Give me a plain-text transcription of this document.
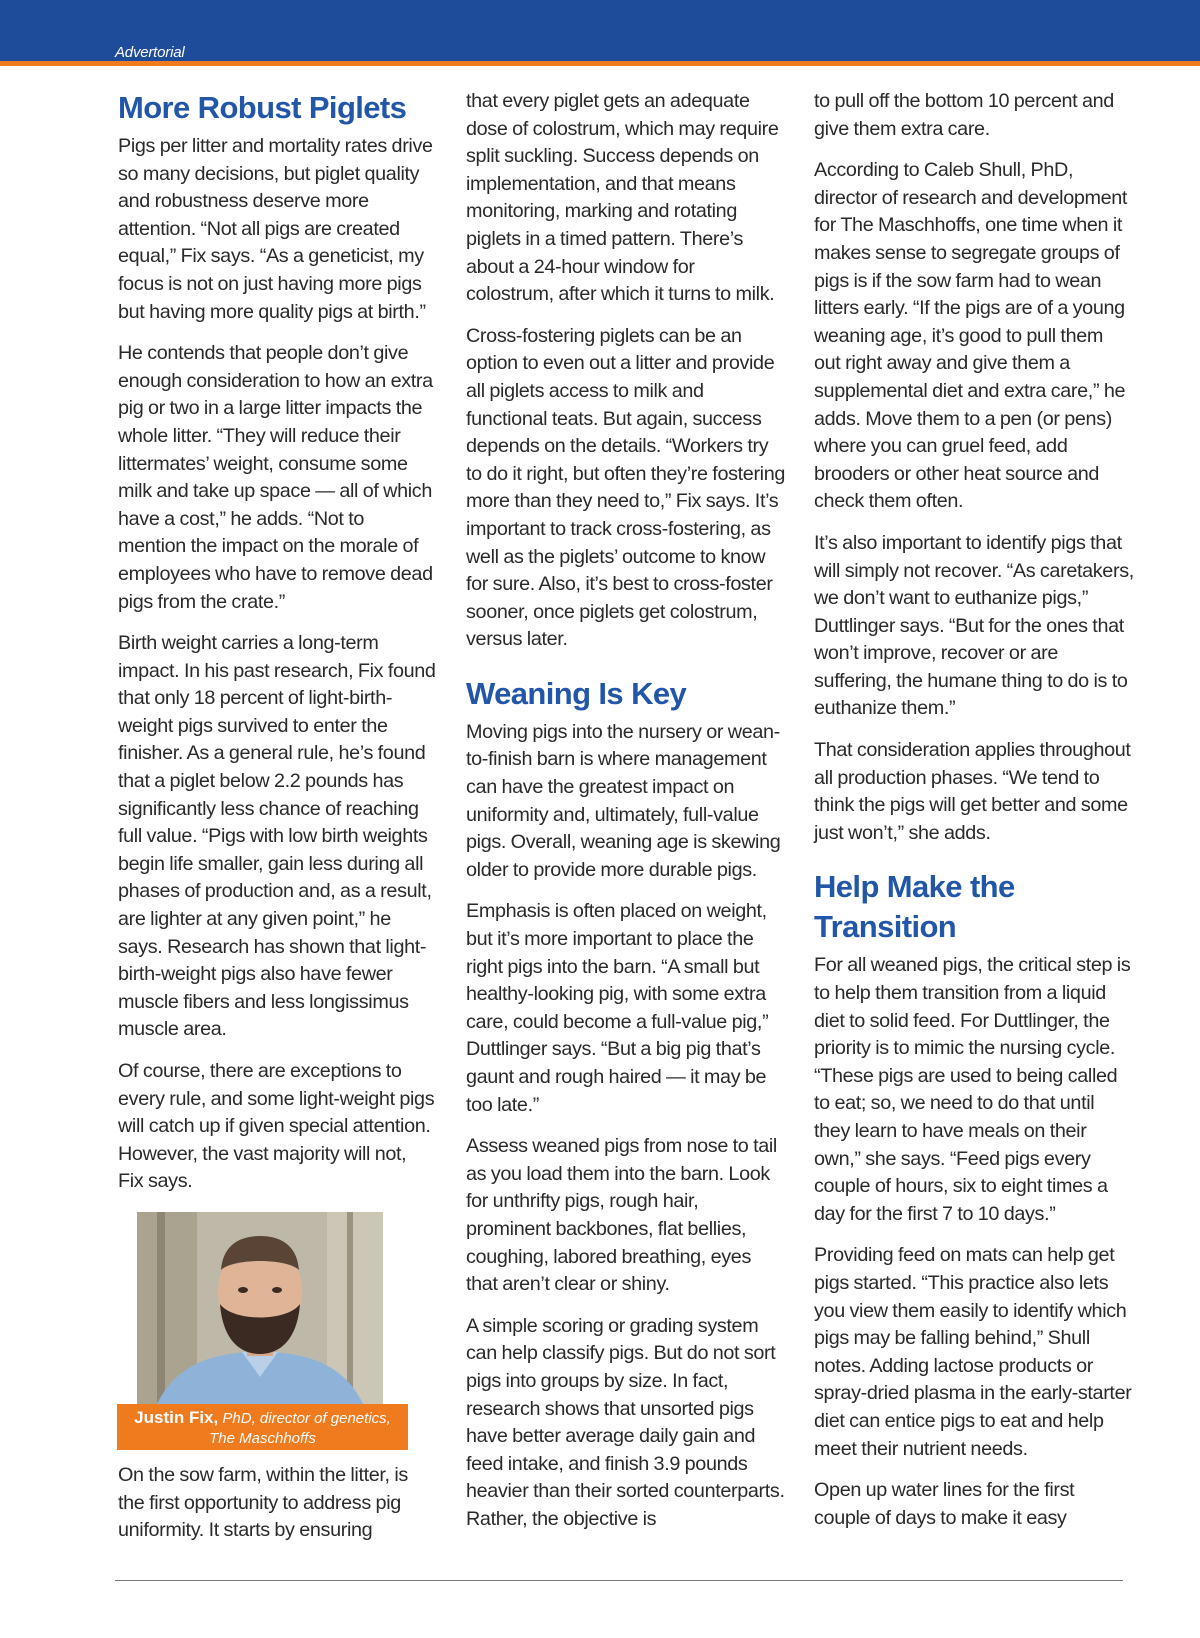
Advertorial
More Robust Piglets

Pigs per litter and mortality rates drive so many decisions, but piglet quality and robustness deserve more attention. “Not all pigs are created equal,” Fix says. “As a geneticist, my focus is not on just having more pigs but having more quality pigs at birth.”

He contends that people don’t give enough consideration to how an extra pig or two in a large litter impacts the whole litter. “They will reduce their littermates’ weight, consume some milk and take up space — all of which have a cost,” he adds. “Not to mention the impact on the morale of employees who have to remove dead pigs from the crate.”

Birth weight carries a long-term impact. In his past research, Fix found that only 18 percent of light-birth-weight pigs survived to enter the finisher. As a general rule, he’s found that a piglet below 2.2 pounds has significantly less chance of reaching full value. “Pigs with low birth weights begin life smaller, gain less during all phases of production and, as a result, are lighter at any given point,” he says. Research has shown that light-birth-weight pigs also have fewer muscle fibers and less longissimus muscle area.

Of course, there are exceptions to every rule, and some light-weight pigs will catch up if given special attention. However, the vast majority will not, Fix says.

Justin Fix, PhD, director of genetics,
The Maschhoffs

On the sow farm, within the litter, is the first opportunity to address pig uniformity. It starts by ensuring

that every piglet gets an adequate dose of colostrum, which may require split suckling. Success depends on implementation, and that means monitoring, marking and rotating piglets in a timed pattern. There’s about a 24-hour window for colostrum, after which it turns to milk.

Cross-fostering piglets can be an option to even out a litter and provide all piglets access to milk and functional teats. But again, success depends on the details. “Workers try to do it right, but often they’re fostering more than they need to,” Fix says. It’s important to track cross-fostering, as well as the piglets’ outcome to know for sure. Also, it’s best to cross-foster sooner, once piglets get colostrum, versus later.

Weaning Is Key

Moving pigs into the nursery or wean-to-finish barn is where management can have the greatest impact on uniformity and, ultimately, full-value pigs. Overall, weaning age is skewing older to provide more durable pigs.

Emphasis is often placed on weight, but it’s more important to place the right pigs into the barn. “A small but healthy-looking pig, with some extra care, could become a full-value pig,” Duttlinger says. “But a big pig that’s gaunt and rough haired — it may be too late.”

Assess weaned pigs from nose to tail as you load them into the barn. Look for unthrifty pigs, rough hair, prominent backbones, flat bellies, coughing, labored breathing, eyes that aren’t clear or shiny.

A simple scoring or grading system can help classify pigs. But do not sort pigs into groups by size. In fact, research shows that unsorted pigs have better average daily gain and feed intake, and finish 3.9 pounds heavier than their sorted counterparts. Rather, the objective is

to pull off the bottom 10 percent and give them extra care.

According to Caleb Shull, PhD, director of research and development for The Maschhoffs, one time when it makes sense to segregate groups of pigs is if the sow farm had to wean litters early. “If the pigs are of a young weaning age, it’s good to pull them out right away and give them a supplemental diet and extra care,” he adds. Move them to a pen (or pens) where you can gruel feed, add brooders or other heat source and check them often.

It’s also important to identify pigs that will simply not recover. “As caretakers, we don’t want to euthanize pigs,” Duttlinger says. “But for the ones that won’t improve, recover or are suffering, the humane thing to do is to euthanize them.”

That consideration applies throughout all production phases. “We tend to think the pigs will get better and some just won’t,” she adds.

Help Make the Transition

For all weaned pigs, the critical step is to help them transition from a liquid diet to solid feed. For Duttlinger, the priority is to mimic the nursing cycle. “These pigs are used to being called to eat; so, we need to do that until they learn to have meals on their own,” she says. “Feed pigs every couple of hours, six to eight times a day for the first 7 to 10 days.”

Providing feed on mats can help get pigs started. “This practice also lets you view them easily to identify which pigs may be falling behind,” Shull notes. Adding lactose products or spray-dried plasma in the early-starter diet can entice pigs to eat and help meet their nutrient needs.

Open up water lines for the first couple of days to make it easy
